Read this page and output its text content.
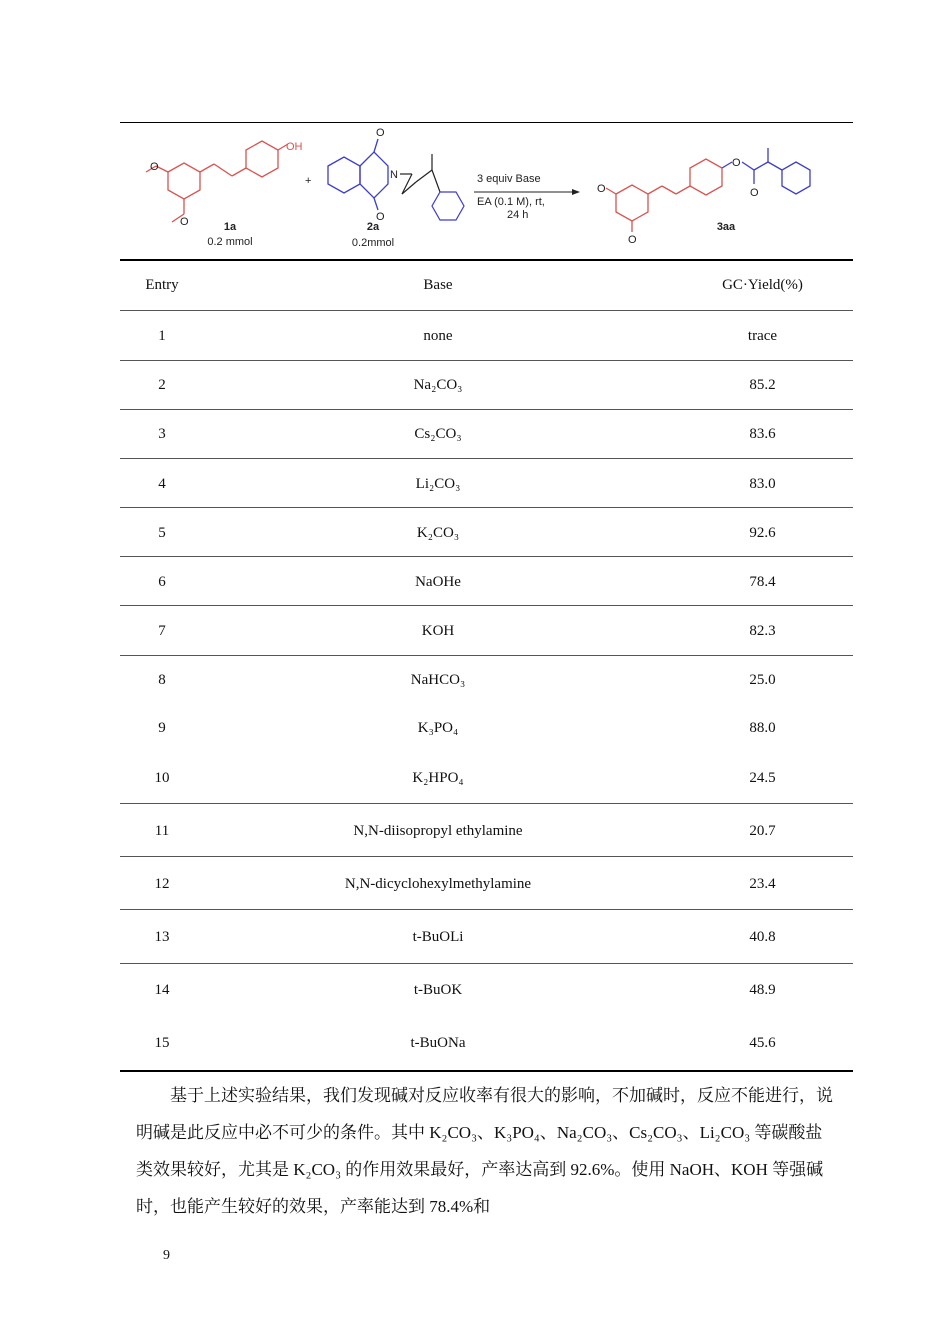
OH
O
O	1a
0.2 mmol
+
O
N
O
2a
0.2mmol
3 equiv Base
EA (0.1 M), rt,
24 h
O
O
O
O
3aa
Entry	Base	GC·Yield(%)
1	none	trace
2	Na₂CO₃	85.2
3	Cs₂CO₃	83.6
4	Li₂CO₃	83.0
5	K₂CO₃	92.6
6	NaOHe	78.4
7	KOH	82.3
8	NaHCO₃	25.0
9	K₃PO₄	88.0
10	K₂HPO₄	24.5
11	N,N-diisopropyl ethylamine	20.7
12	N,N-dicyclohexylmethylamine	23.4
13	t-BuOLi	40.8
14	t-BuOK	48.9
15	t-BuONa	45.6

基于上述实验结果，我们发现碱对反应收率有很大的影响，不加碱时，反应不能进行，说明碱是此反应中必不可少的条件。其中 K₂CO₃、K₃PO₄、Na₂CO₃、Cs₂CO₃、Li₂CO₃ 等碳酸盐类效果较好，尤其是 K₂CO₃ 的作用效果最好，产率达高到 92.6%。使用 NaOH、KOH 等强碱时，也能产生较好的效果，产率能达到 78.4%和

9
